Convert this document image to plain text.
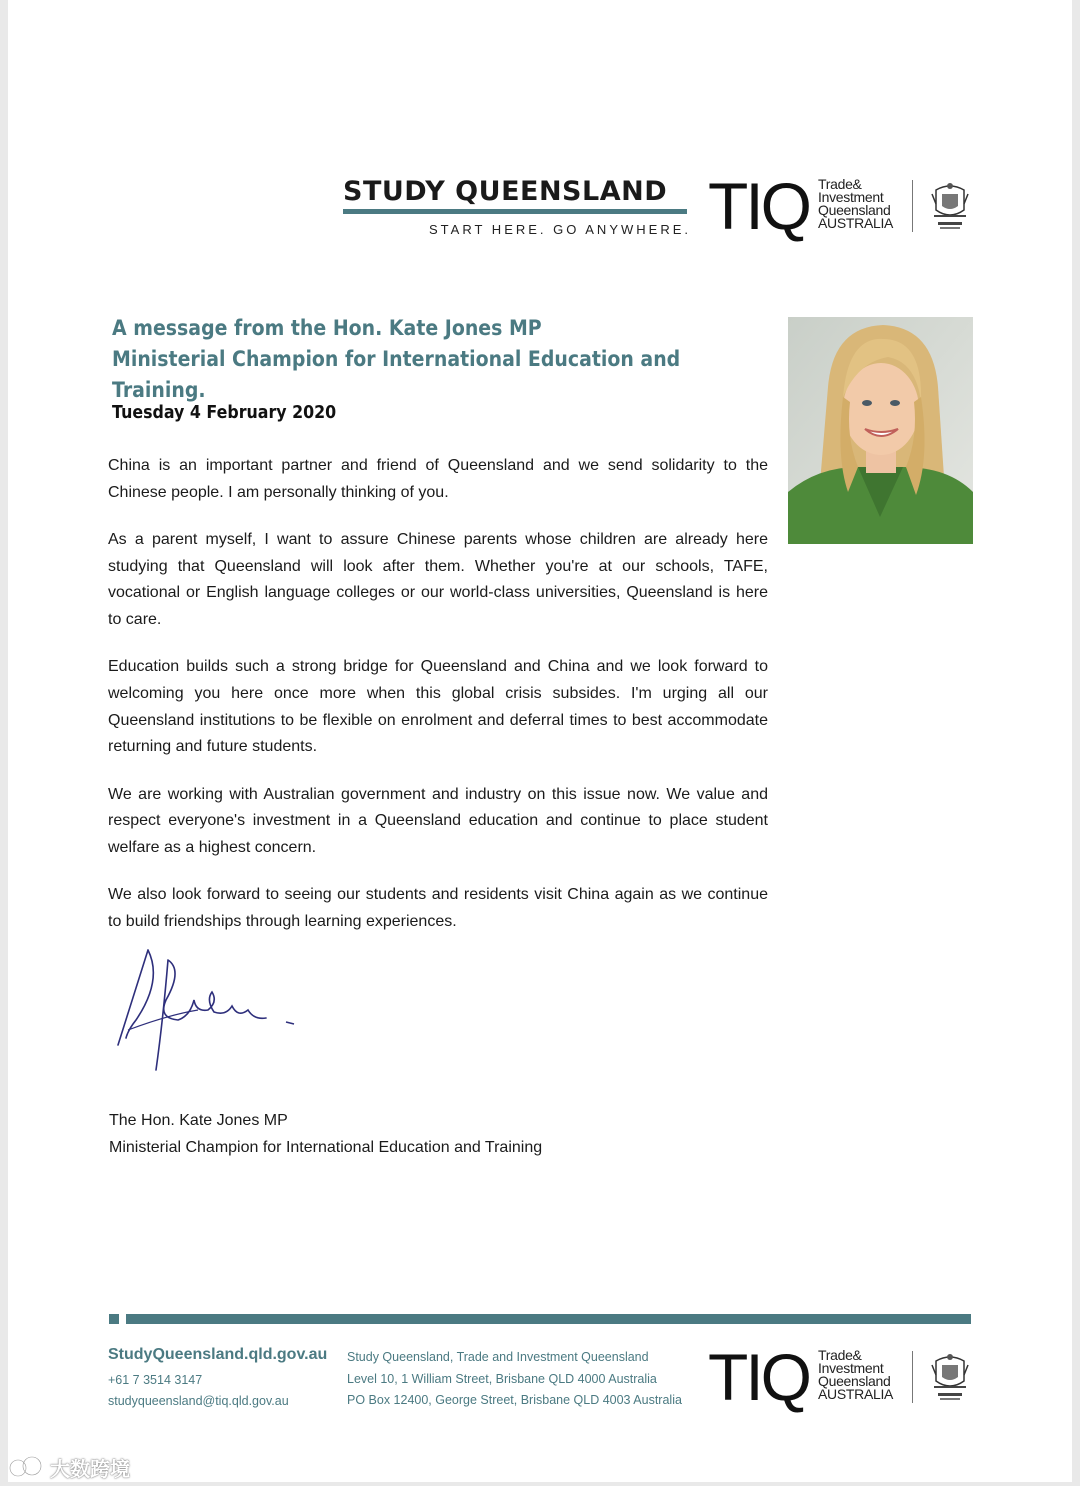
STUDY QUEENSLAND
START HERE. GO ANYWHERE. TIQ Trade&
Investment
Queensland
AUSTRALIA
A message from the Hon. Kate Jones MP
Ministerial Champion for International Education and Training.
Tuesday 4 February 2020

China is an important partner and friend of Queensland and we send solidarity to the Chinese people. I am personally thinking of you.

As a parent myself, I want to assure Chinese parents whose children are already here studying that Queensland will look after them. Whether you're at our schools, TAFE, vocational or English language colleges or our world-class universities, Queensland is here to care.

Education builds such a strong bridge for Queensland and China and we look forward to welcoming you here once more when this global crisis subsides. I'm urging all our Queensland institutions to be flexible on enrolment and deferral times to best accommodate returning and future students.

We are working with Australian government and industry on this issue now. We value and respect everyone's investment in a Queensland education and continue to place student welfare as a highest concern.

We also look forward to seeing our students and residents visit China again as we continue to build friendships through learning experiences.

The Hon. Kate Jones MP
Ministerial Champion for International Education and Training
StudyQueensland.qld.gov.au
+61 7 3514 3147
studyqueensland@tiq.qld.gov.au
Study Queensland, Trade and Investment Queensland
Level 10, 1 William Street, Brisbane QLD 4000 Australia
PO Box 12400, George Street, Brisbane QLD 4003 Australia TIQ Trade&
Investment
Queensland
AUSTRALIA
大数跨境
